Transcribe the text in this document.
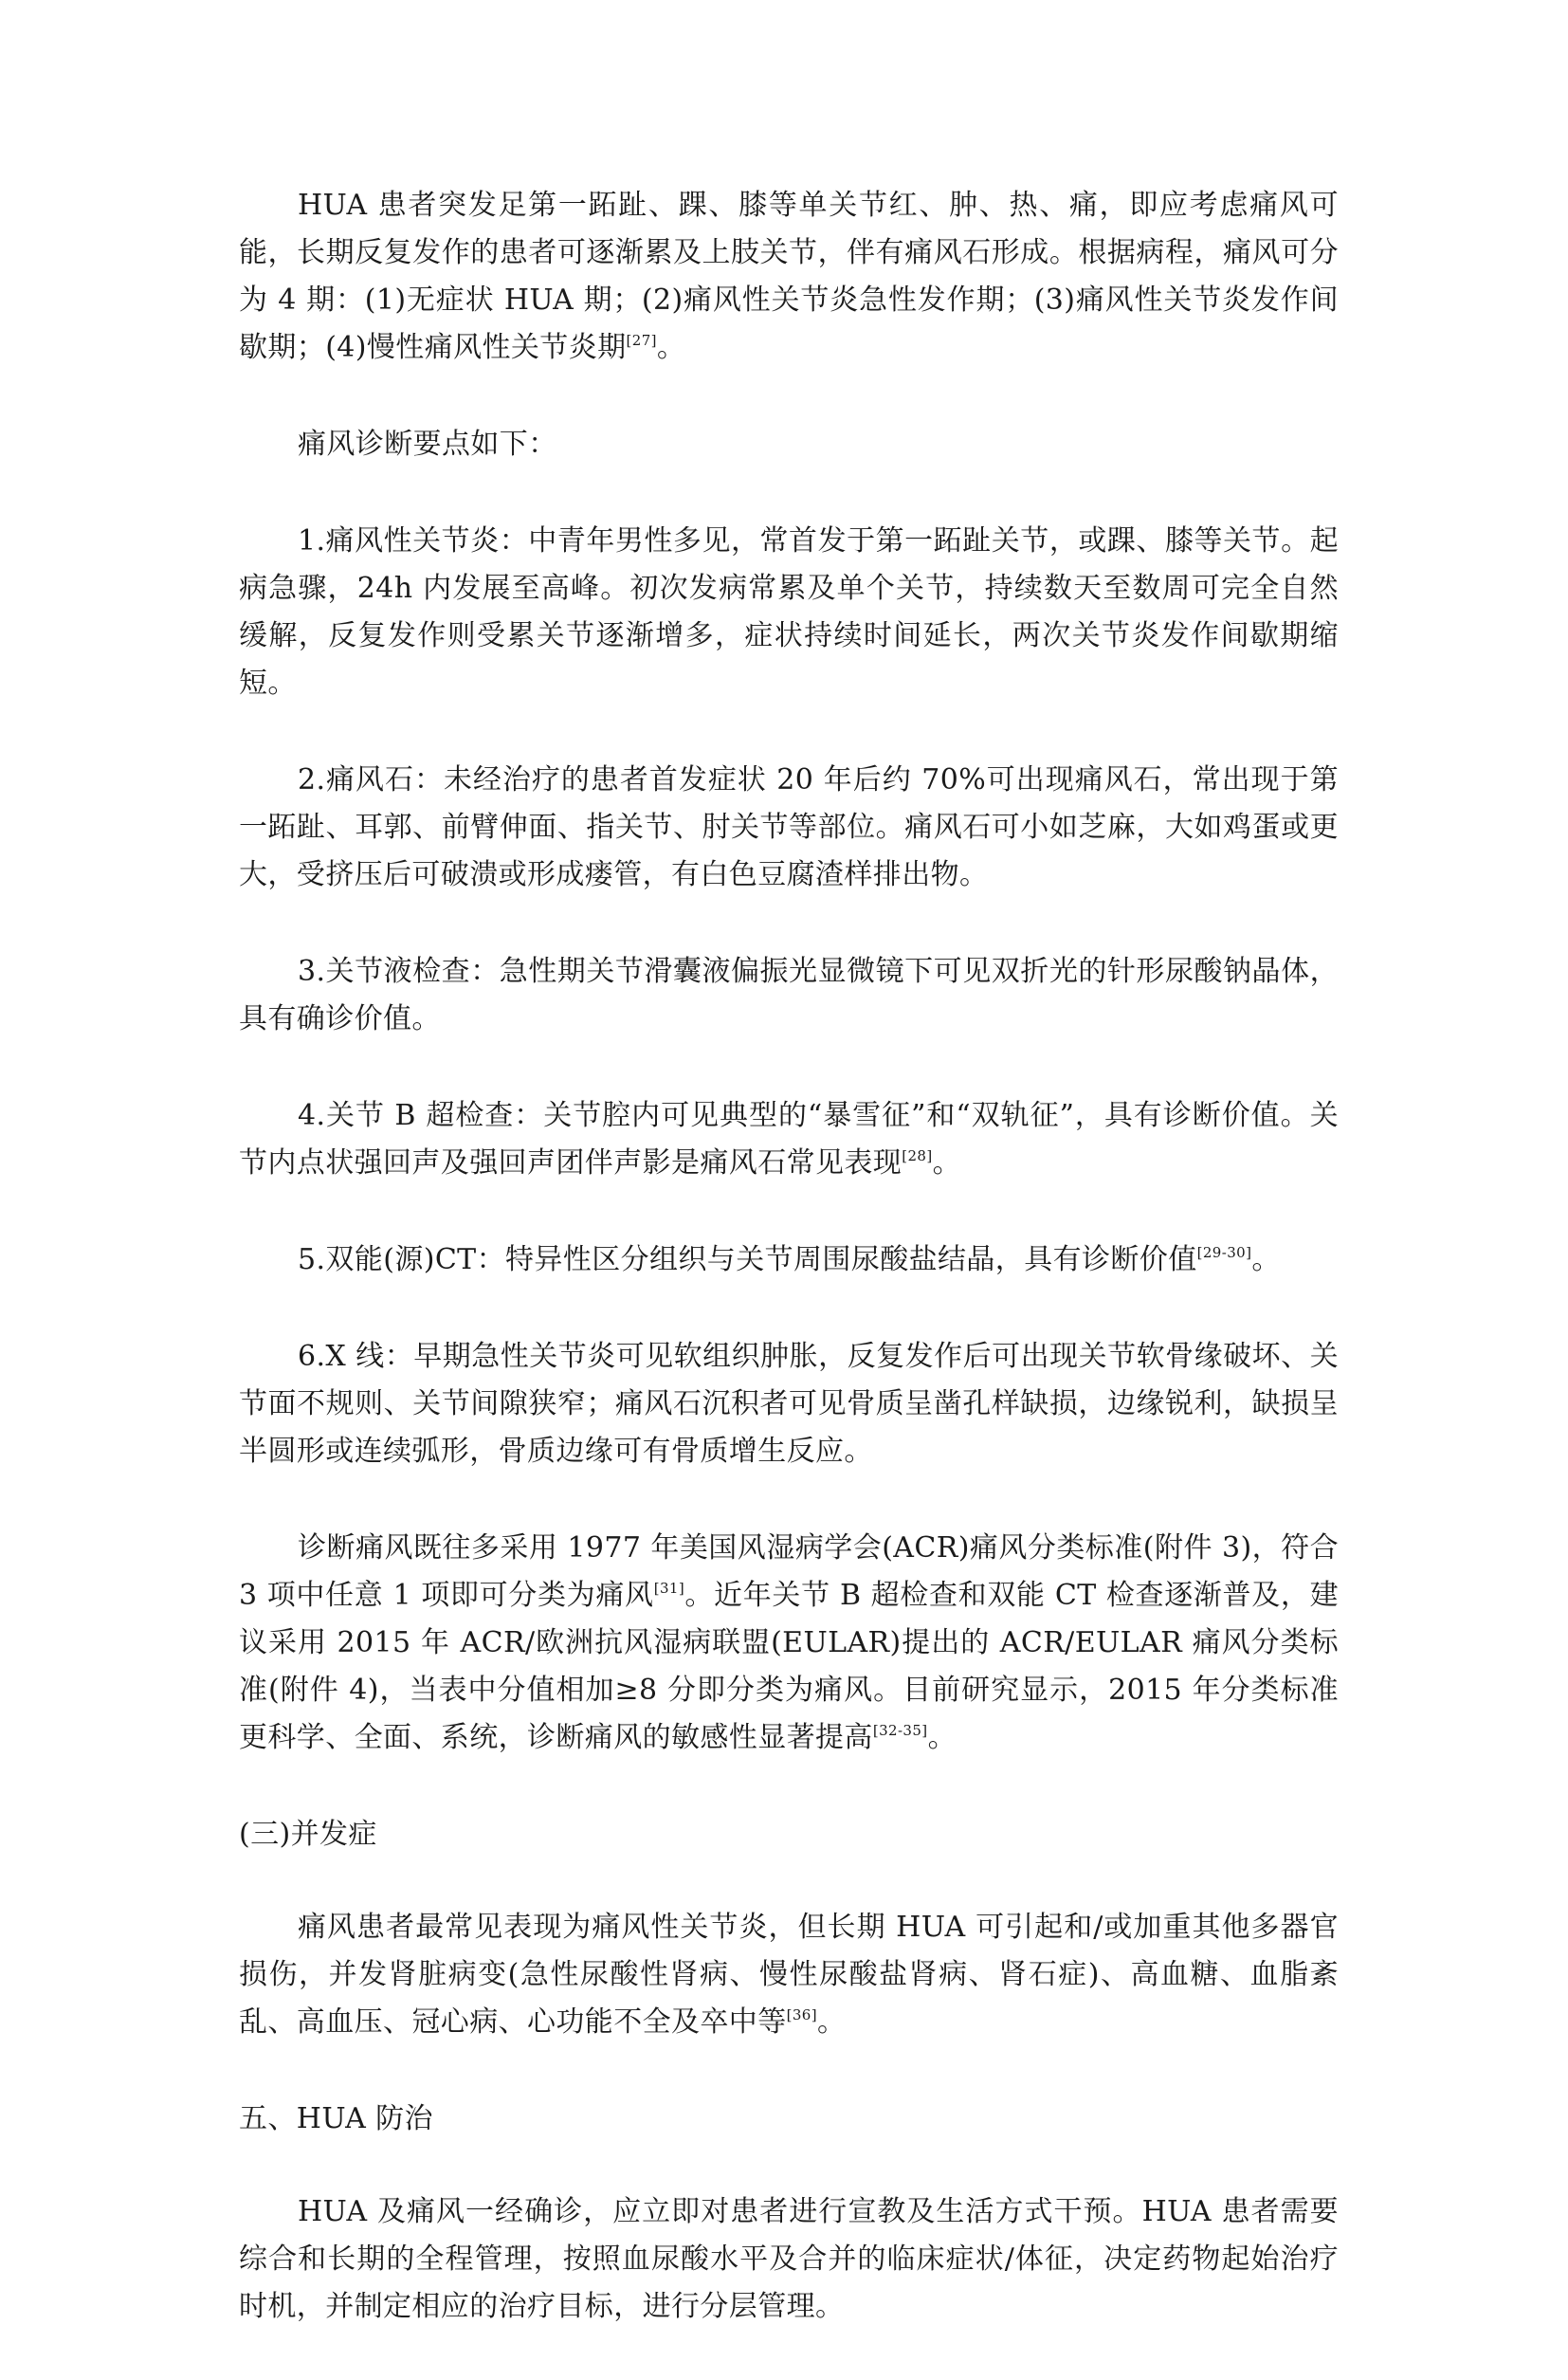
HUA 患者突发足第一跖趾、踝、膝等单关节红、肿、热、痛，即应考虑痛风可能，长期反复发作的患者可逐渐累及上肢关节，伴有痛风石形成。根据病程，痛风可分为 4 期：(1)无症状 HUA 期；(2)痛风性关节炎急性发作期；(3)痛风性关节炎发作间歇期；(4)慢性痛风性关节炎期[27]。

痛风诊断要点如下：

1.痛风性关节炎：中青年男性多见，常首发于第一跖趾关节，或踝、膝等关节。起病急骤，24h 内发展至高峰。初次发病常累及单个关节，持续数天至数周可完全自然缓解，反复发作则受累关节逐渐增多，症状持续时间延长，两次关节炎发作间歇期缩短。

2.痛风石：未经治疗的患者首发症状 20 年后约 70%可出现痛风石，常出现于第一跖趾、耳郭、前臂伸面、指关节、肘关节等部位。痛风石可小如芝麻，大如鸡蛋或更大，受挤压后可破溃或形成瘘管，有白色豆腐渣样排出物。

3.关节液检查：急性期关节滑囊液偏振光显微镜下可见双折光的针形尿酸钠晶体，具有确诊价值。

4.关节 B 超检查：关节腔内可见典型的“暴雪征”和“双轨征”，具有诊断价值。关节内点状强回声及强回声团伴声影是痛风石常见表现[28]。

5.双能(源)CT：特异性区分组织与关节周围尿酸盐结晶，具有诊断价值[29-30]。

6.X 线：早期急性关节炎可见软组织肿胀，反复发作后可出现关节软骨缘破坏、关节面不规则、关节间隙狭窄；痛风石沉积者可见骨质呈凿孔样缺损，边缘锐利，缺损呈半圆形或连续弧形，骨质边缘可有骨质增生反应。

诊断痛风既往多采用 1977 年美国风湿病学会(ACR)痛风分类标准(附件 3)，符合 3 项中任意 1 项即可分类为痛风[31]。近年关节 B 超检查和双能 CT 检查逐渐普及，建议采用 2015 年 ACR/欧洲抗风湿病联盟(EULAR)提出的 ACR/EULAR 痛风分类标准(附件 4)，当表中分值相加≥8 分即分类为痛风。目前研究显示，2015 年分类标准更科学、全面、系统，诊断痛风的敏感性显著提高[32-35]。

(三)并发症

痛风患者最常见表现为痛风性关节炎，但长期 HUA 可引起和/或加重其他多器官损伤，并发肾脏病变(急性尿酸性肾病、慢性尿酸盐肾病、肾石症)、高血糖、血脂紊乱、高血压、冠心病、心功能不全及卒中等[36]。

五、HUA 防治

HUA 及痛风一经确诊，应立即对患者进行宣教及生活方式干预。HUA 患者需要综合和长期的全程管理，按照血尿酸水平及合并的临床症状/体征，决定药物起始治疗时机，并制定相应的治疗目标，进行分层管理。
